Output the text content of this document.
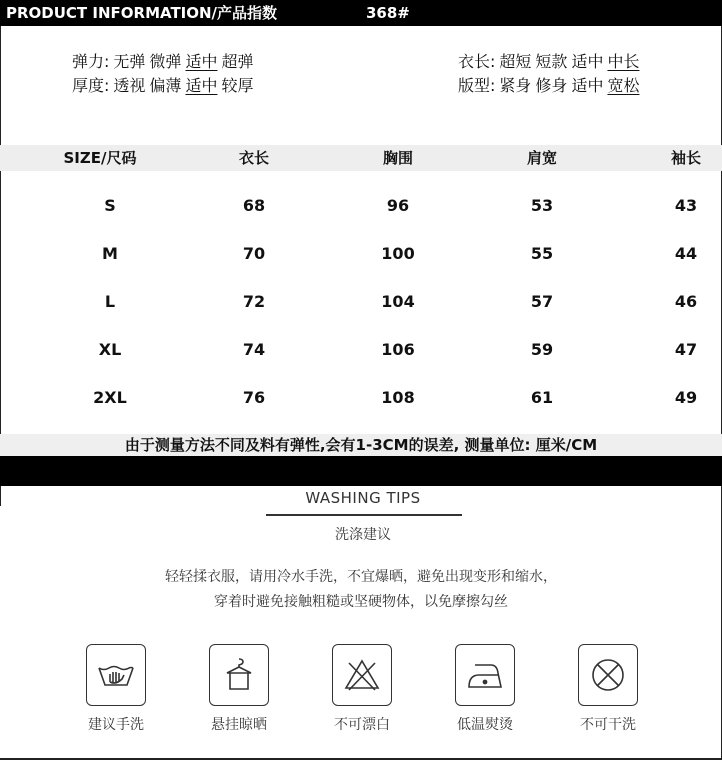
PRODUCT INFORMATION/产品指数	368#
弹力: 无弹 微弹 适中 超弹
厚度: 透视 偏薄 适中 较厚
衣长: 超短 短款 适中 中长
版型: 紧身 修身 适中 宽松
SIZE/尺码	衣长	胸围	肩宽	袖长
S	68	96	53	43
M	70	100	55	44
L	72	104	57	46
XL	74	106	59	47
2XL	76	108	61	49
由于测量方法不同及料有弹性,会有1-3CM的误差, 测量单位: 厘米/CM
WASHING TIPS
洗涤建议
轻轻揉衣服，请用冷水手洗，不宜爆晒，避免出现变形和缩水，
穿着时避免接触粗糙或坚硬物体，以免摩擦勾丝
建议手洗	悬挂晾晒	不可漂白	低温熨烫	不可干洗
